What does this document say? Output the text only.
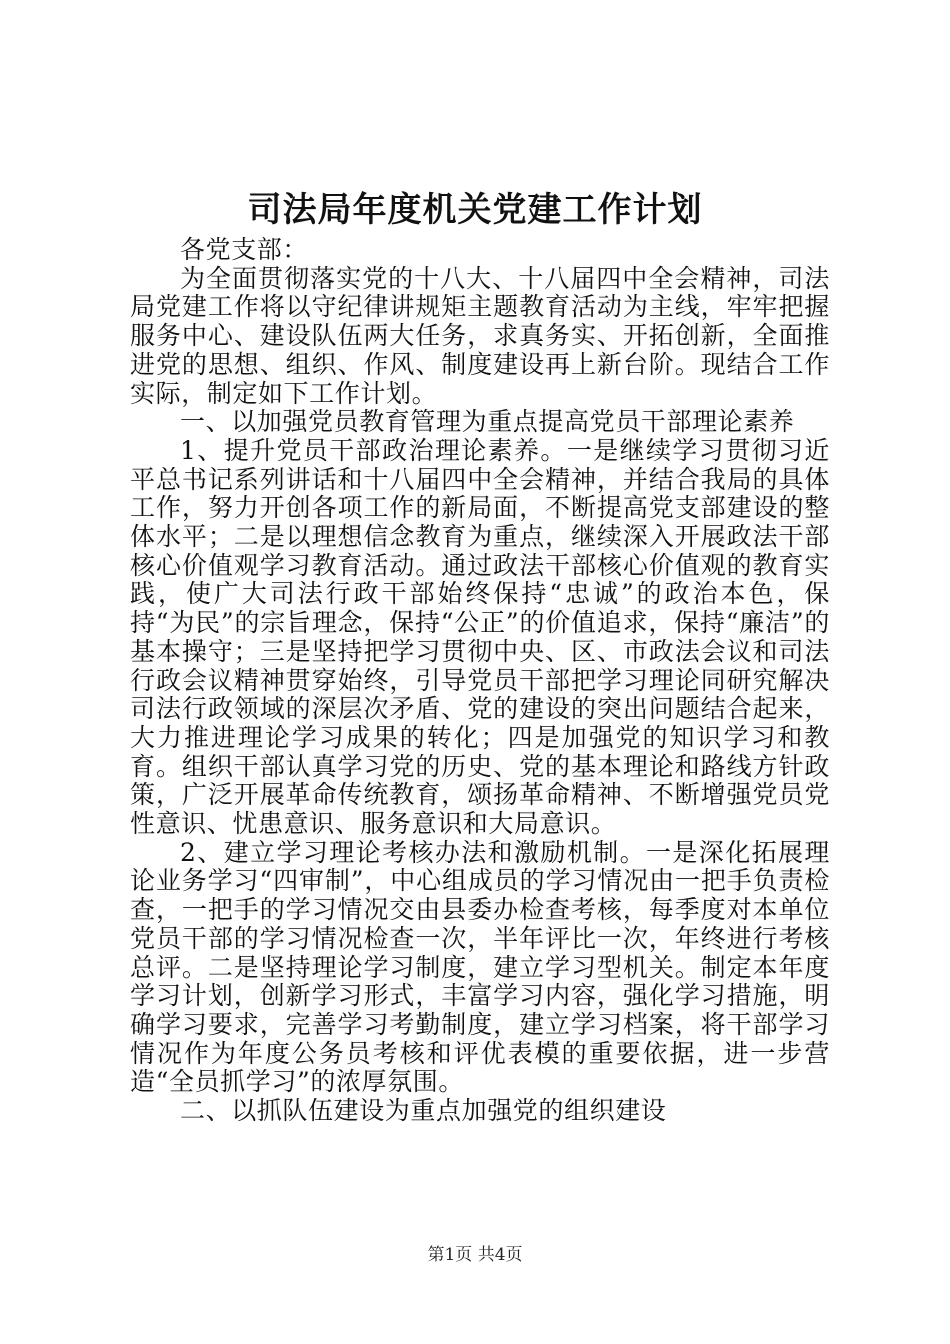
司法局年度机关党建工作计划

各党支部：

为全面贯彻落实党的十八大、十八届四中全会精神，司法局党建工作将以守纪律讲规矩主题教育活动为主线，牢牢把握服务中心、建设队伍两大任务，求真务实、开拓创新，全面推进党的思想、组织、作风、制度建设再上新台阶。现结合工作实际，制定如下工作计划。

一、以加强党员教育管理为重点提高党员干部理论素养

1、提升党员干部政治理论素养。一是继续学习贯彻习近平总书记系列讲话和十八届四中全会精神，并结合我局的具体工作，努力开创各项工作的新局面，不断提高党支部建设的整体水平；二是以理想信念教育为重点，继续深入开展政法干部核心价值观学习教育活动。通过政法干部核心价值观的教育实践，使广大司法行政干部始终保持“忠诚”的政治本色，保持“为民”的宗旨理念，保持“公正”的价值追求，保持“廉洁”的基本操守；三是坚持把学习贯彻中央、区、市政法会议和司法行政会议精神贯穿始终，引导党员干部把学习理论同研究解决司法行政领域的深层次矛盾、党的建设的突出问题结合起来，大力推进理论学习成果的转化；四是加强党的知识学习和教育。组织干部认真学习党的历史、党的基本理论和路线方针政策，广泛开展革命传统教育，颂扬革命精神、不断增强党员党性意识、忧患意识、服务意识和大局意识。

2、建立学习理论考核办法和激励机制。一是深化拓展理论业务学习“四审制”，中心组成员的学习情况由一把手负责检查，一把手的学习情况交由县委办检查考核，每季度对本单位党员干部的学习情况检查一次，半年评比一次，年终进行考核总评。二是坚持理论学习制度，建立学习型机关。制定本年度学习计划，创新学习形式，丰富学习内容，强化学习措施，明确学习要求，完善学习考勤制度，建立学习档案，将干部学习情况作为年度公务员考核和评优表模的重要依据，进一步营造“全员抓学习”的浓厚氛围。

二、以抓队伍建设为重点加强党的组织建设

第1页 共4页
